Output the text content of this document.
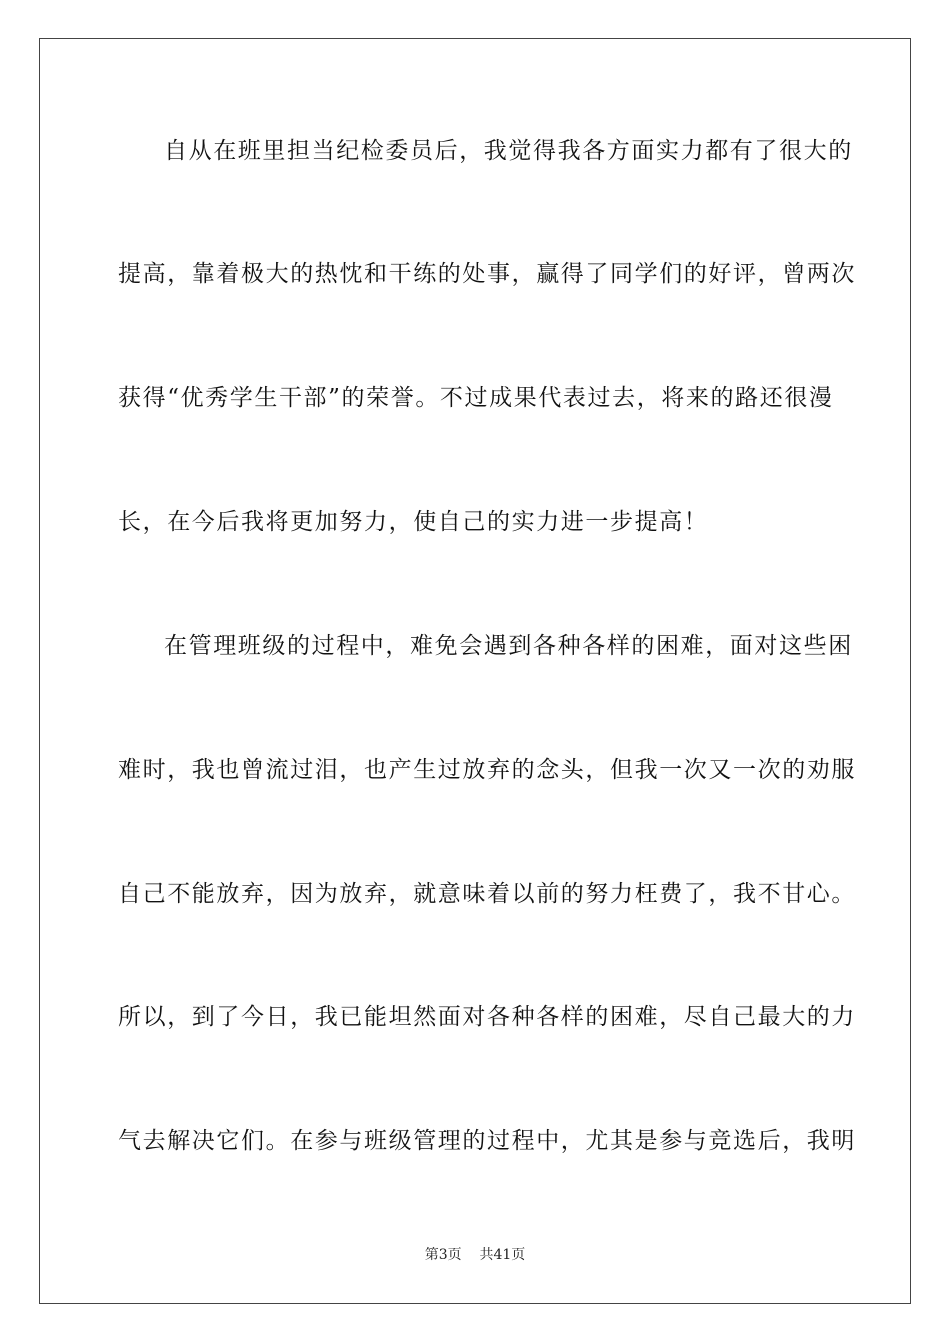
自从在班里担当纪检委员后，我觉得我各方面实力都有了很大的
提高，靠着极大的热忱和干练的处事，赢得了同学们的好评，曾两次
获得“优秀学生干部”的荣誉。不过成果代表过去，将来的路还很漫
长，在今后我将更加努力，使自己的实力进一步提高！
在管理班级的过程中，难免会遇到各种各样的困难，面对这些困
难时，我也曾流过泪，也产生过放弃的念头，但我一次又一次的劝服
自己不能放弃，因为放弃，就意味着以前的努力枉费了，我不甘心。
所以，到了今日，我已能坦然面对各种各样的困难，尽自己最大的力
气去解决它们。在参与班级管理的过程中，尤其是参与竞选后，我明
第3页 共41页
